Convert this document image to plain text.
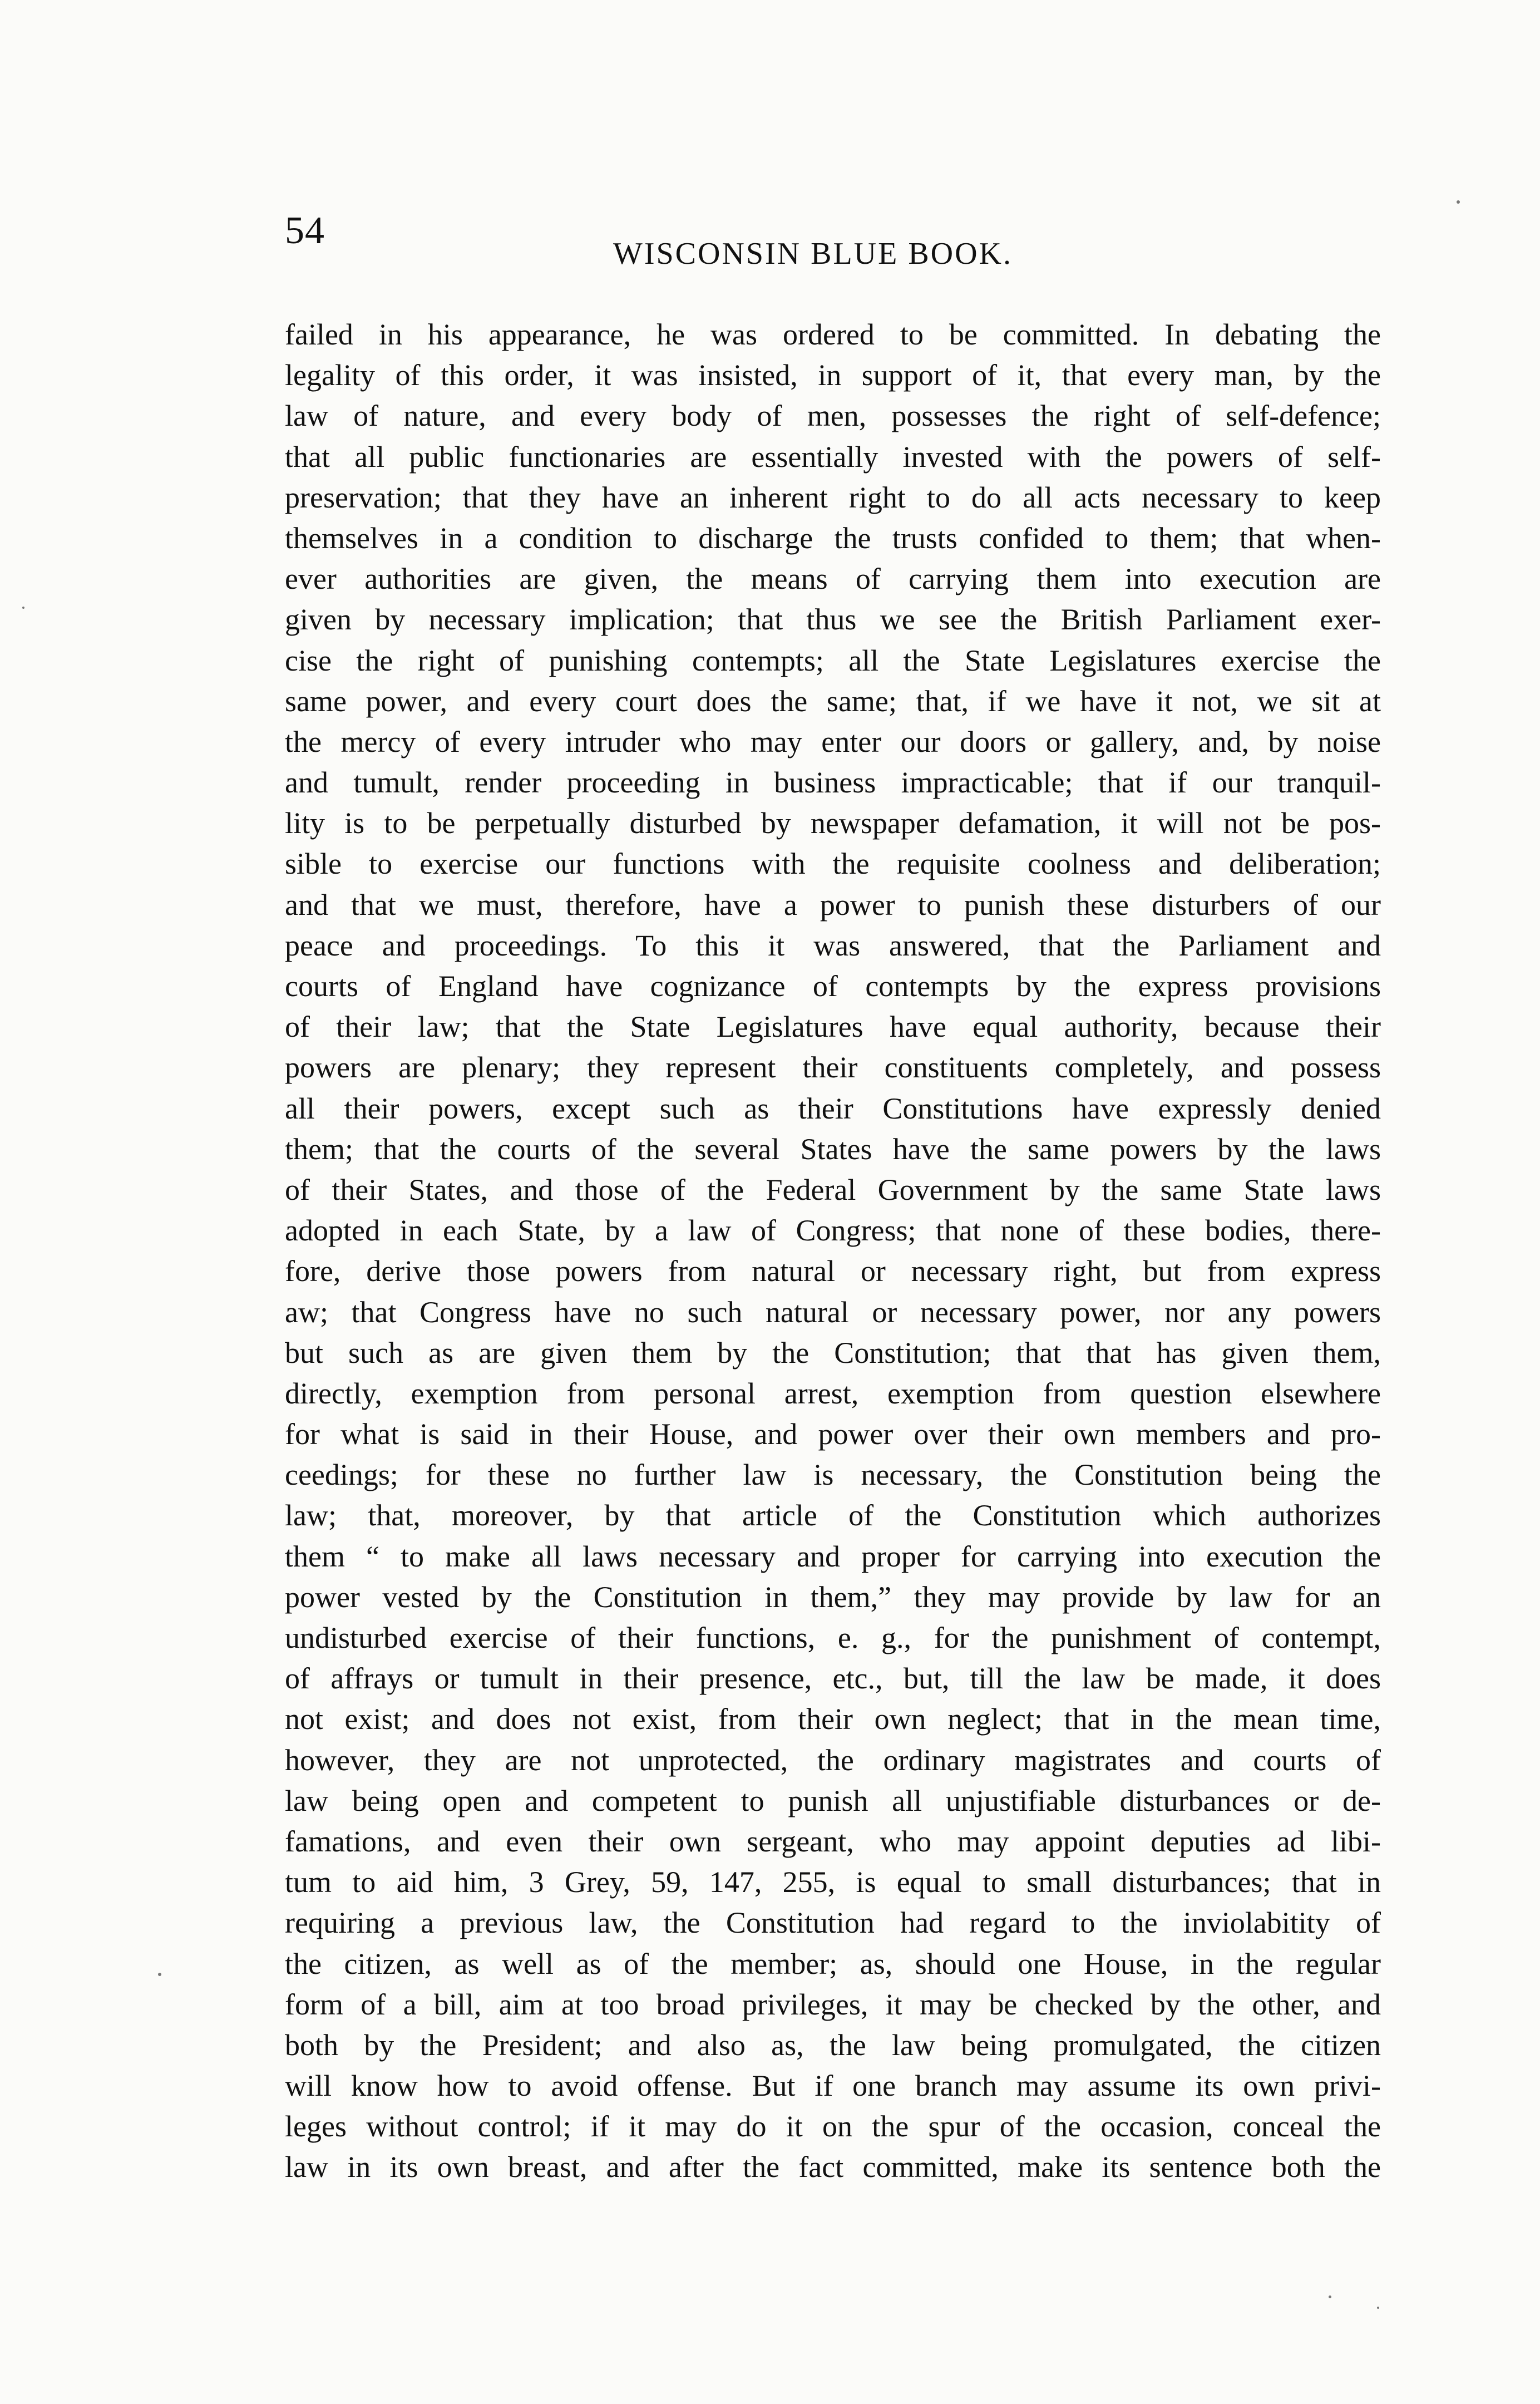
54
WISCONSIN BLUE BOOK.
failed in his appearance, he was ordered to be committed. In debating the
legality of this order, it was insisted, in support of it, that every man, by the
law of nature, and every body of men, possesses the right of self-defence;
that all public functionaries are essentially invested with the powers of self-
preservation; that they have an inherent right to do all acts necessary to keep
themselves in a condition to discharge the trusts confided to them; that when-
ever authorities are given, the means of carrying them into execution are
given by necessary implication; that thus we see the British Parliament exer-
cise the right of punishing contempts; all the State Legislatures exercise the
same power, and every court does the same; that, if we have it not, we sit at
the mercy of every intruder who may enter our doors or gallery, and, by noise
and tumult, render proceeding in business impracticable; that if our tranquil-
lity is to be perpetually disturbed by newspaper defamation, it will not be pos-
sible to exercise our functions with the requisite coolness and deliberation;
and that we must, therefore, have a power to punish these disturbers of our
peace and proceedings. To this it was answered, that the Parliament and
courts of England have cognizance of contempts by the express provisions
of their law; that the State Legislatures have equal authority, because their
powers are plenary; they represent their constituents completely, and possess
all their powers, except such as their Constitutions have expressly denied
them; that the courts of the several States have the same powers by the laws
of their States, and those of the Federal Government by the same State laws
adopted in each State, by a law of Congress; that none of these bodies, there-
fore, derive those powers from natural or necessary right, but from express
aw; that Congress have no such natural or necessary power, nor any powers
but such as are given them by the Constitution; that that has given them,
directly, exemption from personal arrest, exemption from question elsewhere
for what is said in their House, and power over their own members and pro-
ceedings; for these no further law is necessary, the Constitution being the
law; that, moreover, by that article of the Constitution which authorizes
them “ to make all laws necessary and proper for carrying into execution the
power vested by the Constitution in them,” they may provide by law for an
undisturbed exercise of their functions, e. g., for the punishment of contempt,
of affrays or tumult in their presence, etc., but, till the law be made, it does
not exist; and does not exist, from their own neglect; that in the mean time,
however, they are not unprotected, the ordinary magistrates and courts of
law being open and competent to punish all unjustifiable disturbances or de-
famations, and even their own sergeant, who may appoint deputies ad libi-
tum to aid him, 3 Grey, 59, 147, 255, is equal to small disturbances; that in
requiring a previous law, the Constitution had regard to the inviolabitity of
the citizen, as well as of the member; as, should one House, in the regular
form of a bill, aim at too broad privileges, it may be checked by the other, and
both by the President; and also as, the law being promulgated, the citizen
will know how to avoid offense. But if one branch may assume its own privi-
leges without control; if it may do it on the spur of the occasion, conceal the
law in its own breast, and after the fact committed, make its sentence both the
